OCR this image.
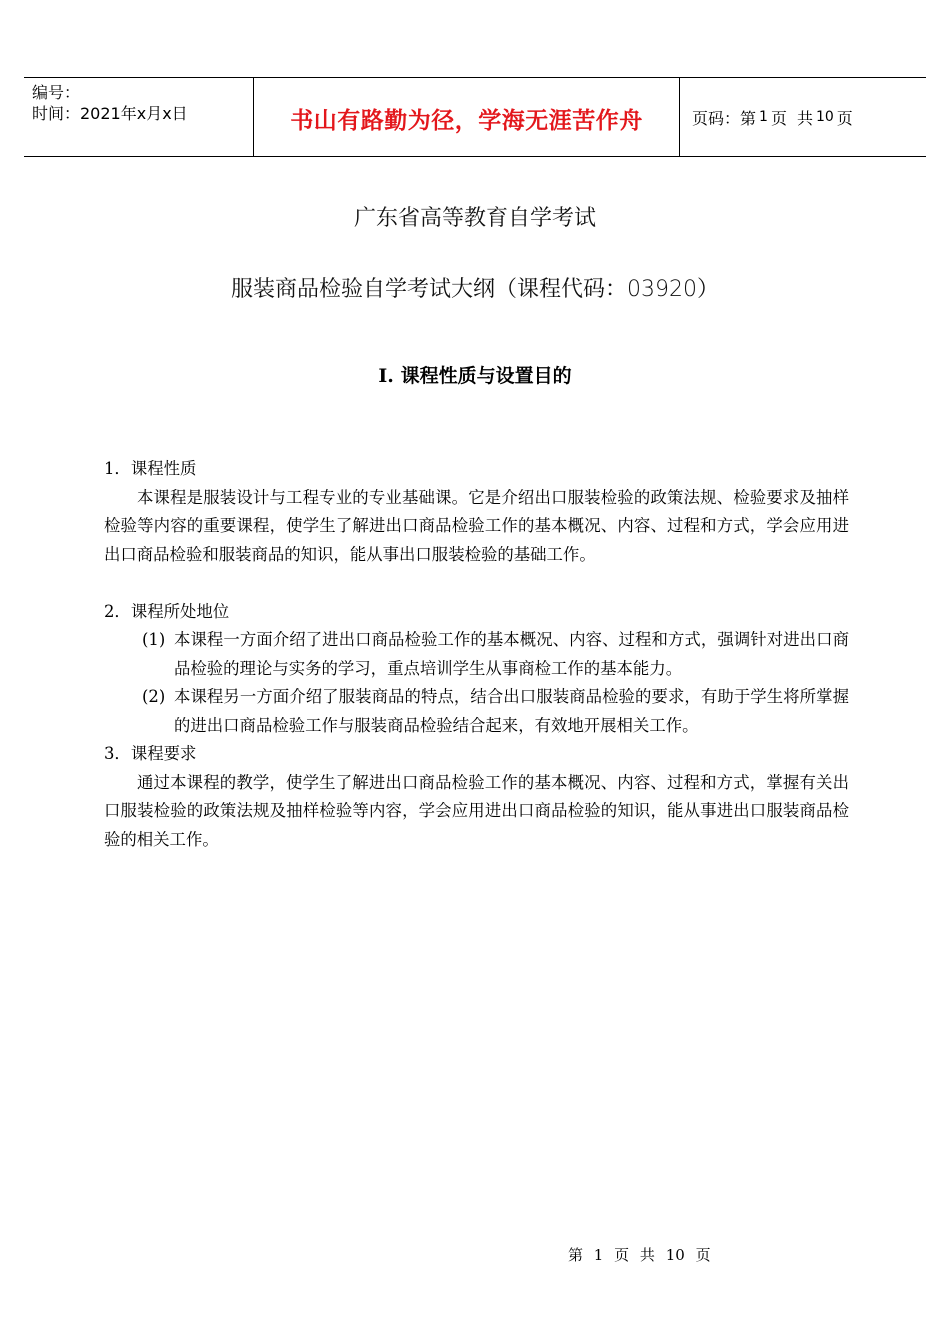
编号：
时间：2021年x月x日	书山有路勤为径，学海无涯苦作舟	页码：第 1 页 共 10 页
广东省高等教育自学考试
服装商品检验自学考试大纲（课程代码：03920）
I. 课程性质与设置目的

1．课程性质

本课程是服装设计与工程专业的专业基础课。它是介绍出口服装检验的政策法规、检验要求及抽样检验等内容的重要课程，使学生了解进出口商品检验工作的基本概况、内容、过程和方式，学会应用进出口商品检验和服装商品的知识，能从事出口服装检验的基础工作。

2．课程所处地位

(1) 本课程一方面介绍了进出口商品检验工作的基本概况、内容、过程和方式，强调针对进出口商品检验的理论与实务的学习，重点培训学生从事商检工作的基本能力。
(2) 本课程另一方面介绍了服装商品的特点，结合出口服装商品检验的要求，有助于学生将所掌握的进出口商品检验工作与服装商品检验结合起来，有效地开展相关工作。

3．课程要求

通过本课程的教学，使学生了解进出口商品检验工作的基本概况、内容、过程和方式，掌握有关出口服装检验的政策法规及抽样检验等内容，学会应用进出口商品检验的知识，能从事进出口服装商品检验的相关工作。

第 1 页 共 10 页
